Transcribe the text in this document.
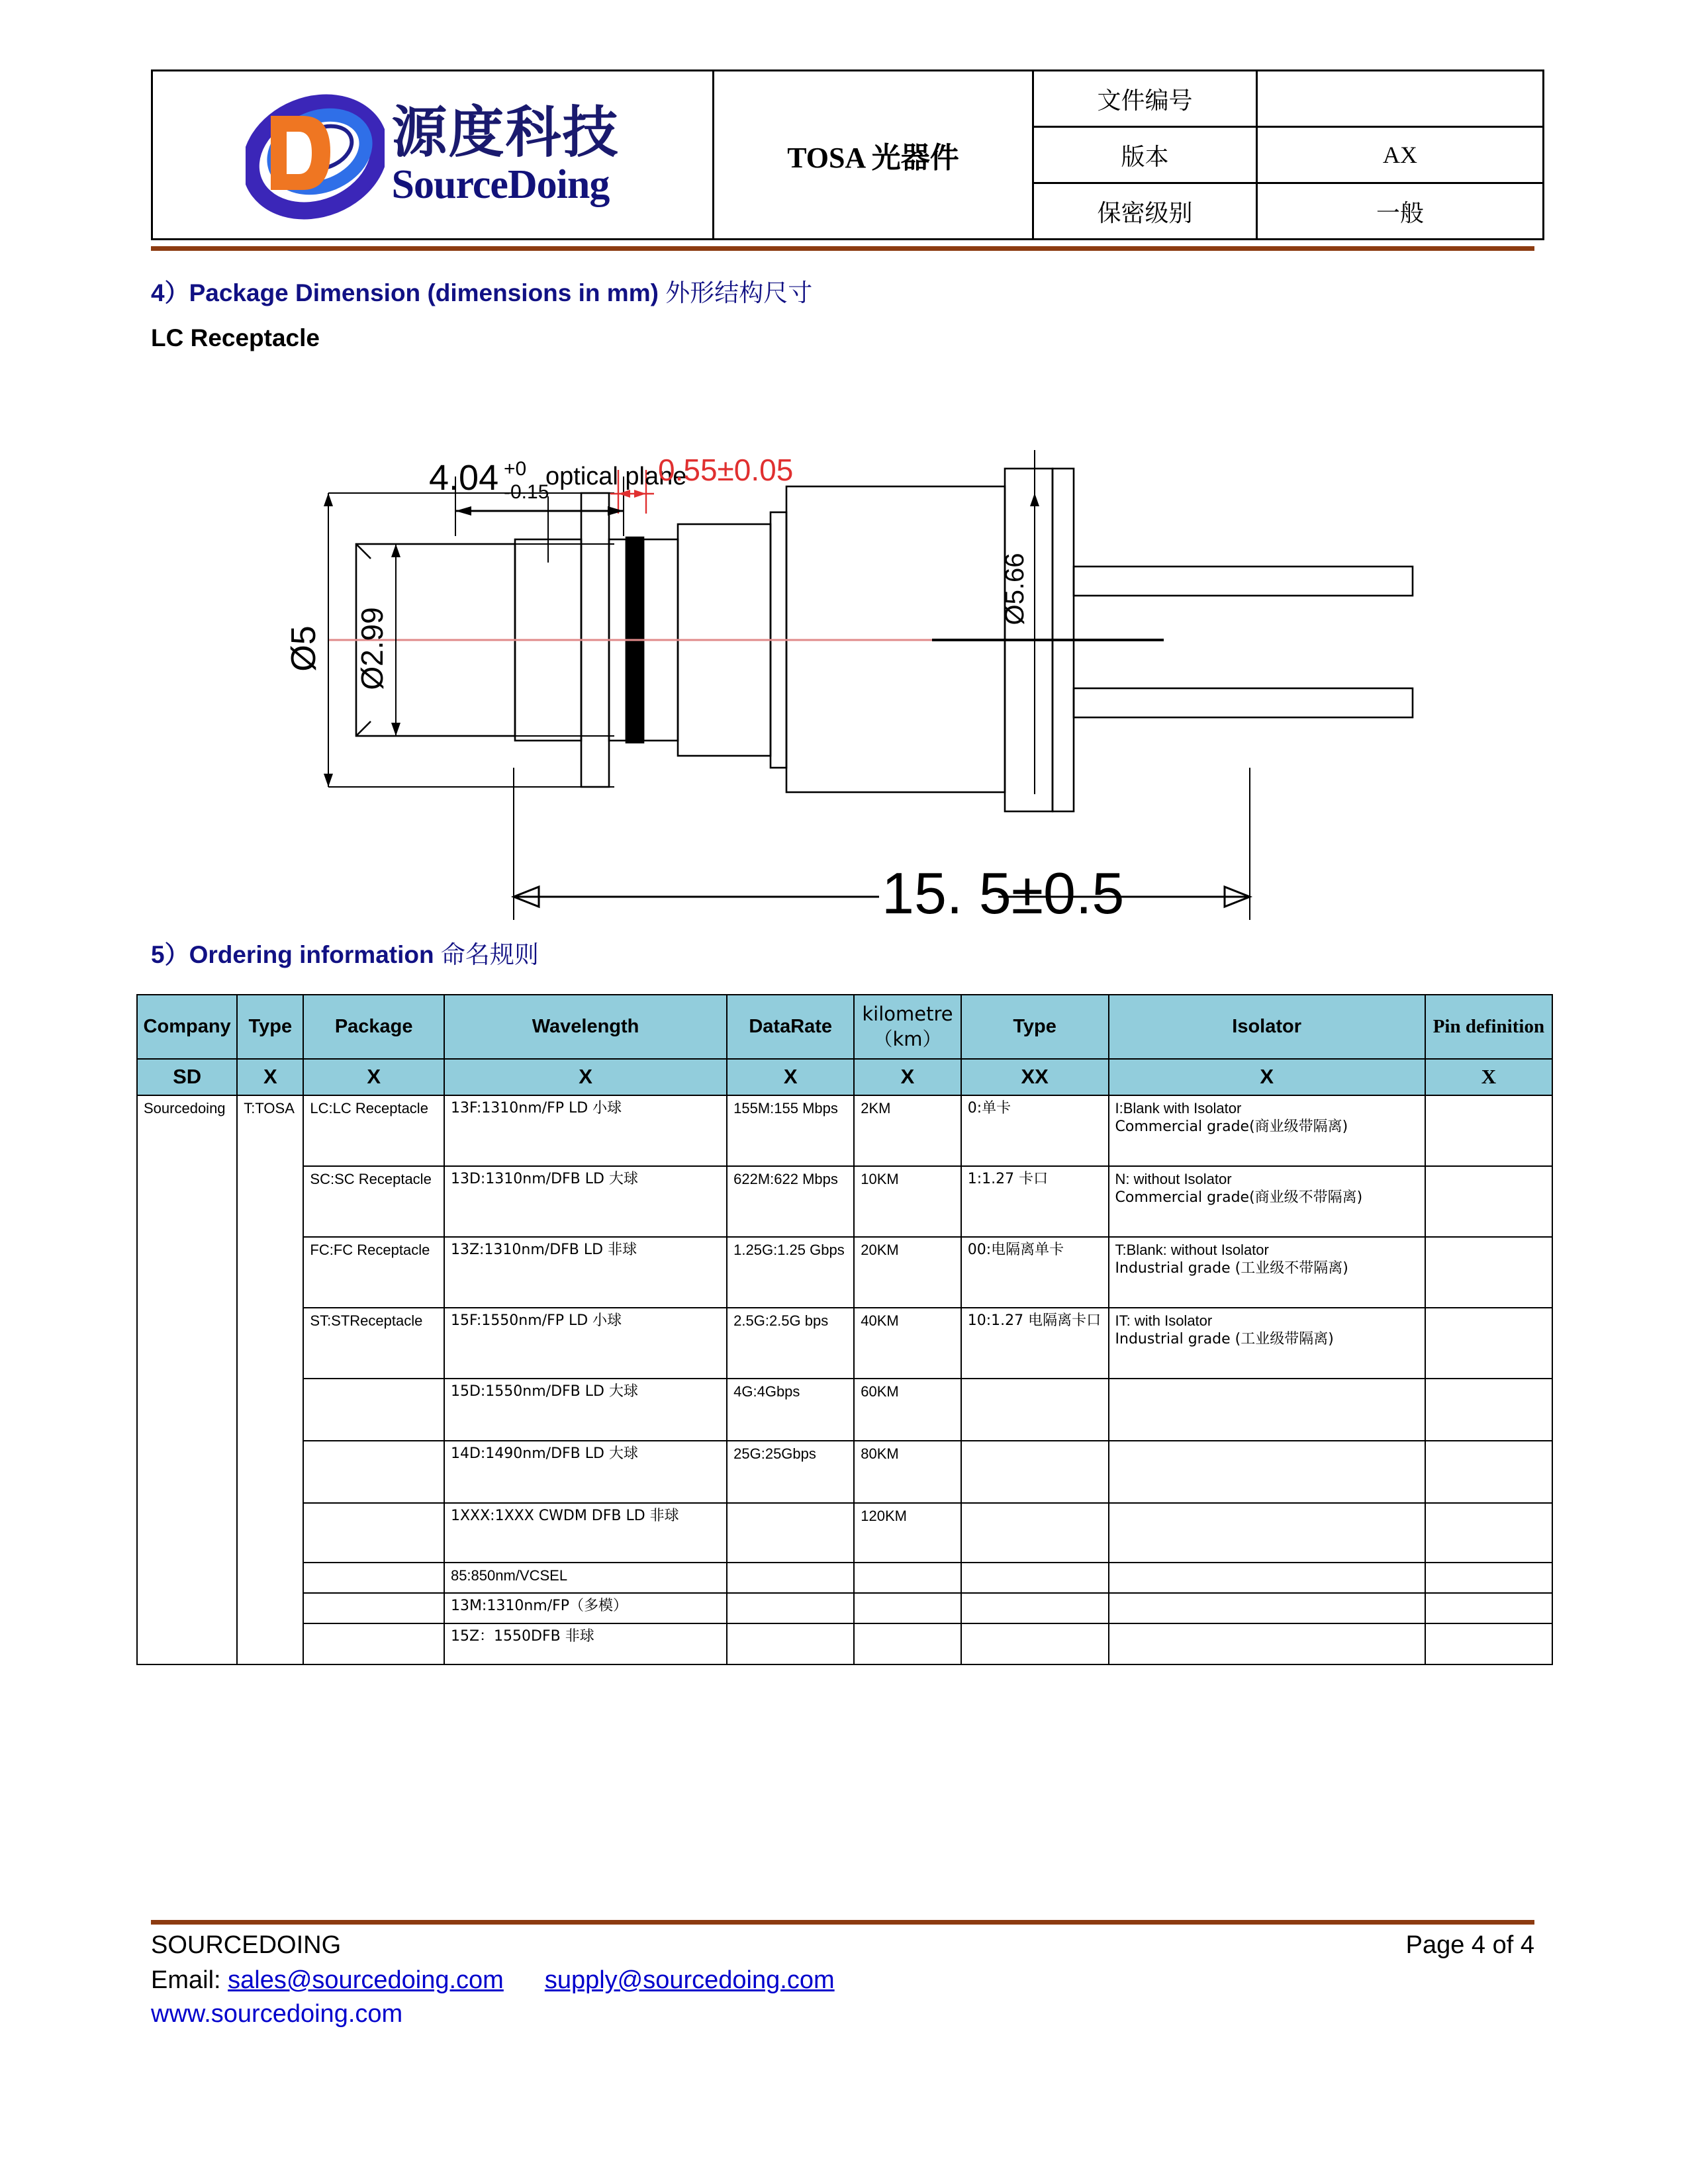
源度科技
SourceDoing	TOSA 光器件	文件编号	
		版本	AX
		保密级别	一般
4）Package Dimension (dimensions in mm) 外形结构尺寸
LC Receptacle
Ø5 Ø2.99
Ø5.66
4.04 +0
-0.15
optical plane
0.55±0.05
15. 5±0.5
5）Ordering information 命名规则
Company	Type	Package	Wavelength	DataRate	kilometre（km）	Type	Isolator	Pin definition
SD	X	X	X	X	X	XX	X	X
Sourcedoing	T:TOSA	LC:LC Receptacle	13F:1310nm/FP LD 小球	155M:155 Mbps	2KM	0:单卡	I:Blank with Isolator
Commercial grade(商业级带隔离)	

		SC:SC Receptacle	13D:1310nm/DFB LD 大球	622M:622 Mbps	10KM	1:1.27 卡口	N: without Isolator
Commercial grade(商业级不带隔离)	

		FC:FC Receptacle	13Z:1310nm/DFB LD 非球	1.25G:1.25 Gbps	20KM	00:电隔离单卡	T:Blank: without Isolator
Industrial grade (工业级不带隔离)	

		ST:STReceptacle	15F:1550nm/FP LD 小球	2.5G:2.5G bps	40KM	10:1.27 电隔离卡口	IT: with Isolator
Industrial grade (工业级带隔离)	

			15D:1550nm/DFB LD 大球	4G:4Gbps	60KM			
			14D:1490nm/DFB LD 大球	25G:25Gbps	80KM			
			1XXX:1XXX CWDM DFB LD 非球		120KM			
			85:850nm/VCSEL					
			13M:1310nm/FP（多模）					
			15Z：1550DFB 非球					
SOURCEDOING	Page 4 of 4
Email: sales@sourcedoing.com supply@sourcedoing.com
www.sourcedoing.com
